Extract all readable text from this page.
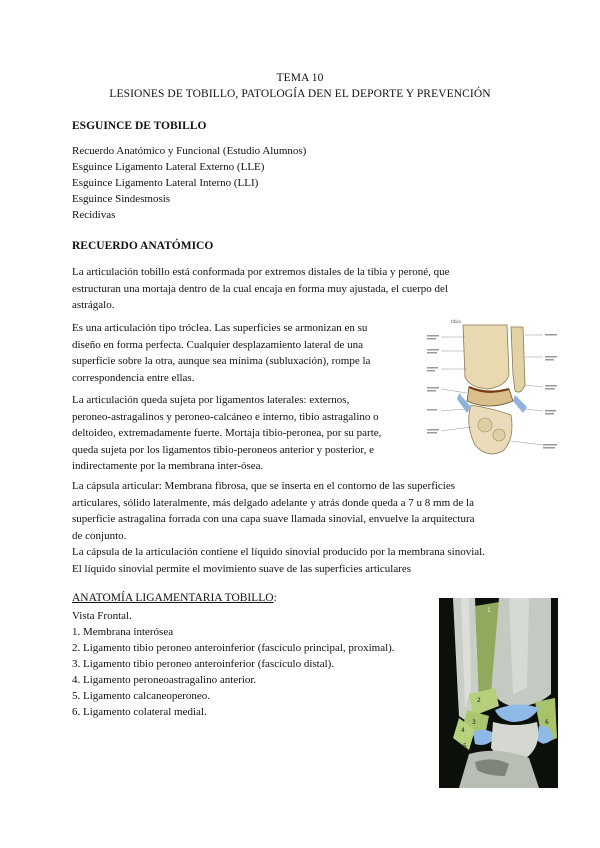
TEMA 10
LESIONES DE TOBILLO, PATOLOGÍA DEN EL DEPORTE Y PREVENCIÓN
ESGUINCE DE TOBILLO
Recuerdo Anatómico y Funcional (Estudio Alumnos)
Esguince Ligamento Lateral Externo (LLE)
Esguince Ligamento Lateral Interno (LLI)
Esguince Sindesmosis
Recidivas
RECUERDO ANATÓMICO
La articulación tobillo está conformada por extremos distales de la tibia y peroné, que
estructuran una mortaja dentro de la cual encaja en forma muy ajustada, el cuerpo del
astrágalo.
Es una articulación tipo tróclea. Las superficies se armonizan en su
diseño en forma perfecta. Cualquier desplazamiento lateral de una
superficie sobre la otra, aunque sea mínima (subluxación), rompe la
correspondencia entre ellas.
La articulación queda sujeta por ligamentos laterales: externos,
peroneo-astragalinos y peroneo-calcáneo e interno, tibio astragalino o
deltoideo, extremadamente fuerte. Mortaja tibio-peronea, por su parte,
queda sujeta por los ligamentos tibio-peroneos anterior y posterior, e
indirectamente por la membrana inter-ósea.
La cápsula articular: Membrana fibrosa, que se inserta en el contorno de las superficies
articulares, sólido lateralmente, más delgado adelante y atrás donde queda a 7 u 8 mm de la
superficie astragalina forrada con una capa suave llamada sinovial, envuelve la arquitectura
de conjunto.
La cápsula de la articulación contiene el líquido sinovial producido por la membrana sinovial.
El líquido sinovial permite el movimiento suave de las superficies articulares
ANATOMÍA LIGAMENTARIA TOBILLO:
Vista Frontal.
1. Membrana interósea
2. Ligamento tibio peroneo anteroinferior (fascículo principal, proximal).
3. Ligamento tibio peroneo anteroinferior (fascículo distal).
4. Ligamento peroneoastragalino anterior.
5. Ligamento calcaneoperoneo.
6. Ligamento colateral medial.
tibia
1
2
3
4
5
6
